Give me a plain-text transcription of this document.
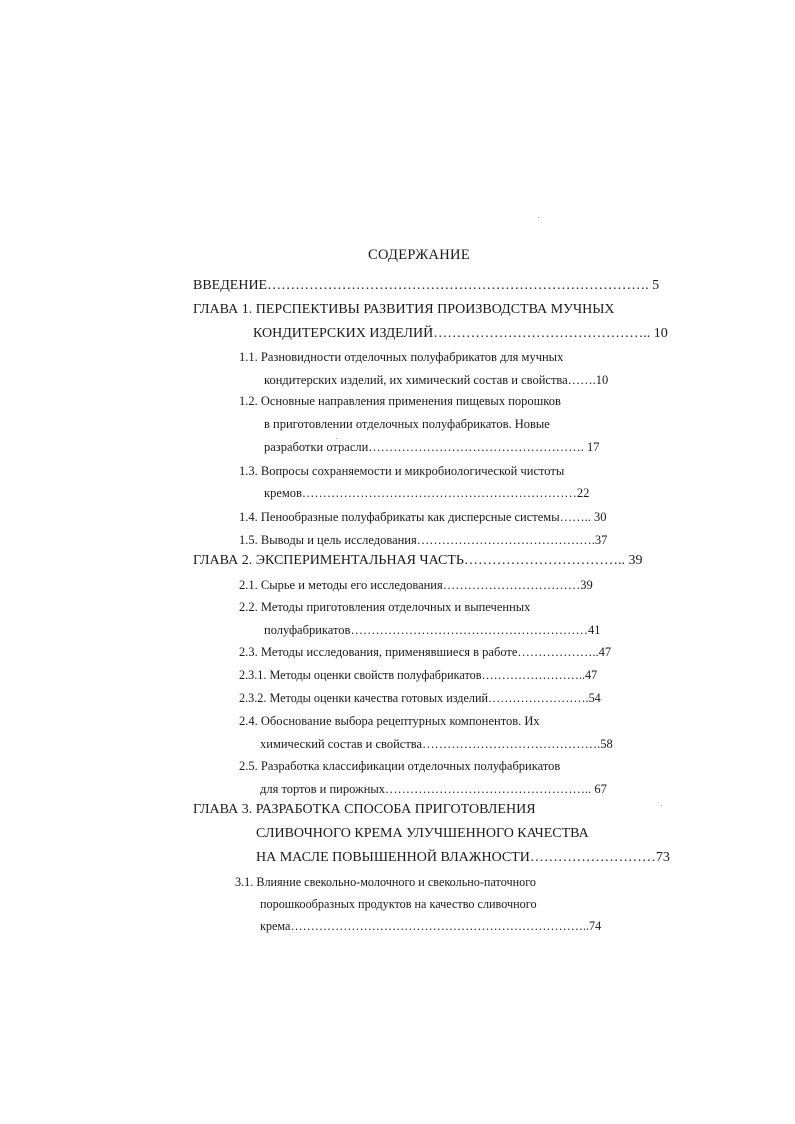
СОДЕРЖАНИЕ
ВВЕДЕНИЕ………………………………………………………………………. 5
ГЛАВА 1. ПЕРСПЕКТИВЫ РАЗВИТИЯ ПРОИЗВОДСТВА МУЧНЫХ
КОНДИТЕРСКИХ ИЗДЕЛИЙ……………………………………….. 10
1.1. Разновидности отделочных полуфабрикатов для мучных
кондитерских изделий, их химический состав и свойства…….10
1.2. Основные направления применения пищевых порошков
в приготовлении отделочных полуфабрикатов. Новые
разработки отрасли……………………………………………. 17
1.3. Вопросы сохраняемости и микробиологической чистоты
кремов…………………………………………………………22
1.4. Пенообразные полуфабрикаты как дисперсные системы…….. 30
1.5. Выводы и цель исследования…………………………………….37
ГЛАВА 2. ЭКСПЕРИМЕНТАЛЬНАЯ ЧАСТЬ…………………………….. 39
2.1. Сырье и методы его исследования……………………………39
2.2. Методы приготовления отделочных и выпеченных
полуфабрикатов…………………………………………………41
2.3. Методы исследования, применявшиеся в работе………………..47
2.3.1. Методы оценки свойств полуфабрикатов……………………..47
2.3.2. Методы оценки качества готовых изделий…………………….54
2.4. Обоснование выбора рецептурных компонентов. Их
химический состав и свойства…………………………………….58
2.5. Разработка классификации отделочных полуфабрикатов
для тортов и пирожных………………………………………….. 67
ГЛАВА 3. РАЗРАБОТКА СПОСОБА ПРИГОТОВЛЕНИЯ
СЛИВОЧНОГО КРЕМА УЛУЧШЕННОГО КАЧЕСТВА
НА МАСЛЕ ПОВЫШЕННОЙ ВЛАЖНОСТИ………………………73
3.1. Влияние свекольно-молочного и свекольно-паточного
порошкообразных продуктов на качество сливочного
крема………………………………………………………………..74
